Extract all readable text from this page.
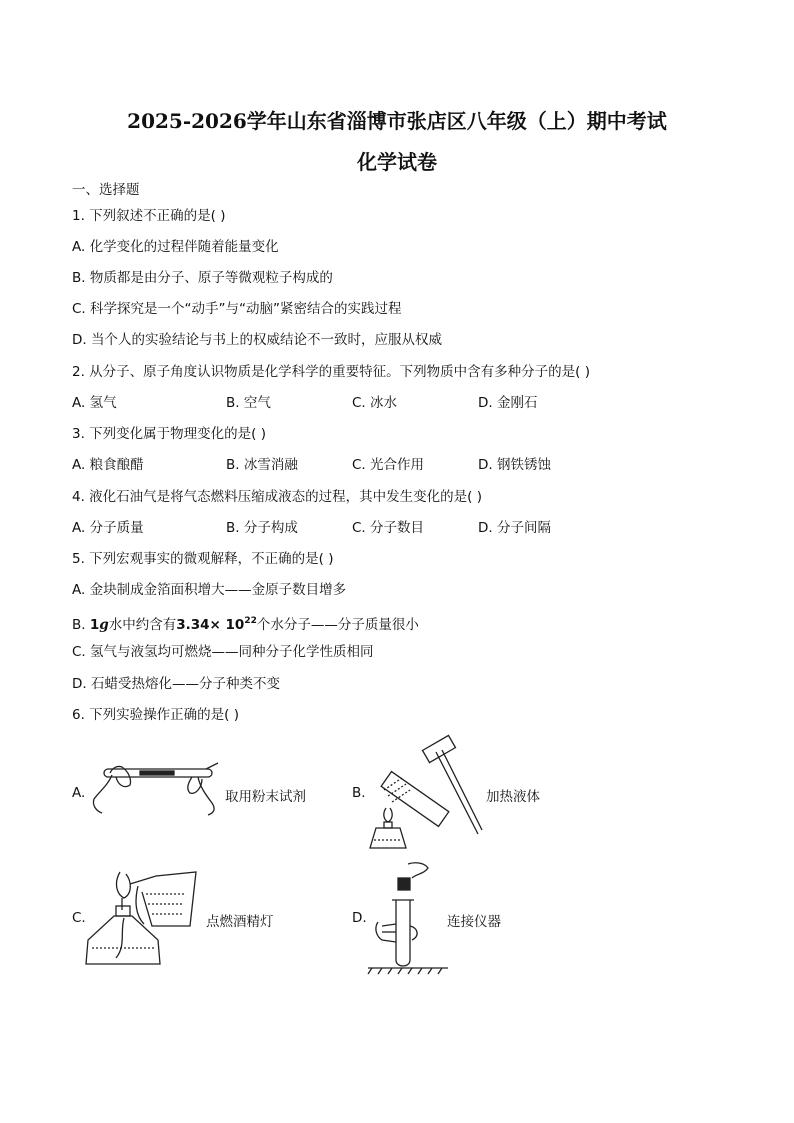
2025-2026学年山东省淄博市张店区八年级（上）期中考试
化学试卷
一、选择题
1. 下列叙述不正确的是( )
A. 化学变化的过程伴随着能量变化
B. 物质都是由分子、原子等微观粒子构成的
C. 科学探究是一个“动手”与“动脑”紧密结合的实践过程
D. 当个人的实验结论与书上的权威结论不一致时，应服从权威
2. 从分子、原子角度认识物质是化学科学的重要特征。下列物质中含有多种分子的是( )
A. 氢气	B. 空气	C. 冰水	D. 金刚石
3. 下列变化属于物理变化的是( )
A. 粮食酿醋	B. 冰雪消融	C. 光合作用	D. 钢铁锈蚀
4. 液化石油气是将气态燃料压缩成液态的过程，其中发生变化的是( )
A. 分子质量	B. 分子构成	C. 分子数目	D. 分子间隔
5. 下列宏观事实的微观解释，不正确的是( )
A. 金块制成金箔面积增大——金原子数目增多
B. 1g水中约含有$3.34\times 10^{22}$个水分子——分子质量很小
C. 氢气与液氢均可燃烧——同种分子化学性质相同
D. 石蜡受热熔化——分子种类不变
6. 下列实验操作正确的是( )
A.	取用粉末试剂	B.	加热液体
C.	点燃酒精灯	D.	连接仪器
